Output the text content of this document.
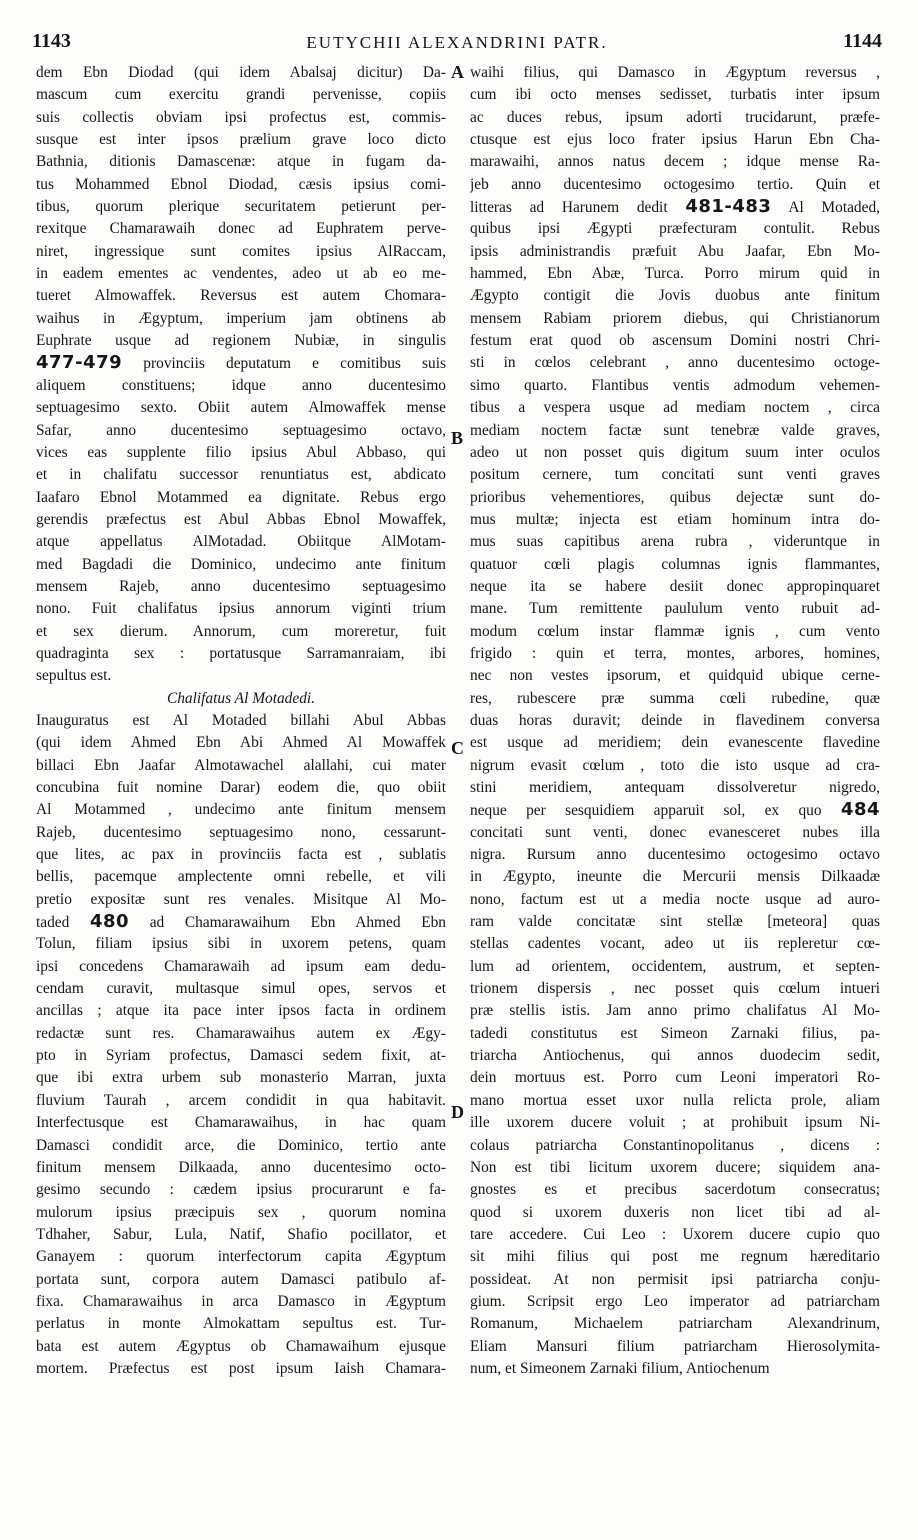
1143	EUTYCHII ALEXANDRINI PATR.	1144
dem Ebn Diodad (qui idem Abalsaj dicitur) Da-
mascum cum exercitu grandi pervenisse, copiis
suis collectis obviam ipsi profectus est, commis-
susque est inter ipsos prælium grave loco dicto
Bathnia, ditionis Damascenæ: atque in fugam da-
tus Mohammed Ebnol Diodad, cæsis ipsius comi-
tibus, quorum plerique securitatem petierunt per-
rexitque Chamarawaih donec ad Euphratem perve-
niret, ingressique sunt comites ipsius AlRaccam,
in eadem ementes ac vendentes, adeo ut ab eo me-
tueret Almowaffek. Reversus est autem Chomara-
waihus in Ægyptum, imperium jam obtinens ab
Euphrate usque ad regionem Nubiæ, in singulis
477-479 provinciis deputatum e comitibus suis
aliquem constituens; idque anno ducentesimo
septuagesimo sexto. Obiit autem Almowaffek mense
Safar, anno ducentesimo septuagesimo octavo,
vices eas supplente filio ipsius Abul Abbaso, qui
et in chalifatu successor renuntiatus est, abdicato
Iaafaro Ebnol Motammed ea dignitate. Rebus ergo
gerendis præfectus est Abul Abbas Ebnol Mowaffek,
atque appellatus AlMotadad. Obiitque AlMotam-
med Bagdadi die Dominico, undecimo ante finitum
mensem Rajeb, anno ducentesimo septuagesimo
nono. Fuit chalifatus ipsius annorum viginti trium
et sex dierum. Annorum, cum moreretur, fuit
quadraginta sex : portatusque Sarramanraiam, ibi
sepultus est.
Chalifatus Al Motadedi.
Inauguratus est Al Motaded billahi Abul Abbas
(qui idem Ahmed Ebn Abi Ahmed Al Mowaffek
billaci Ebn Jaafar Almotawachel alallahi, cui mater
concubina fuit nomine Darar) eodem die, quo obiit
Al Motammed , undecimo ante finitum mensem
Rajeb, ducentesimo septuagesimo nono, cessarunt-
que lites, ac pax in provinciis facta est , sublatis
bellis, pacemque amplectente omni rebelle, et vili
pretio expositæ sunt res venales. Misitque Al Mo-
taded 480 ad Chamarawaihum Ebn Ahmed Ebn
Tolun, filiam ipsius sibi in uxorem petens, quam
ipsi concedens Chamarawaih ad ipsum eam dedu-
cendam curavit, multasque simul opes, servos et
ancillas ; atque ita pace inter ipsos facta in ordinem
redactæ sunt res. Chamarawaihus autem ex Ægy-
pto in Syriam profectus, Damasci sedem fixit, at-
que ibi extra urbem sub monasterio Marran, juxta
fluvium Taurah , arcem condidit in qua habitavit.
Interfectusque est Chamarawaihus, in hac quam
Damasci condidit arce, die Dominico, tertio ante
finitum mensem Dilkaada, anno ducentesimo octo-
gesimo secundo : cædem ipsius procurarunt e fa-
mulorum ipsius præcipuis sex , quorum nomina
Tdhaher, Sabur, Lula, Natif, Shafio pocillator, et
Ganayem : quorum interfectorum capita Ægyptum
portata sunt, corpora autem Damasci patibulo af-
fixa. Chamarawaihus in arca Damasco in Ægyptum
perlatus in monte Almokattam sepultus est. Tur-
bata est autem Ægyptus ob Chamawaihum ejusque
mortem. Præfectus est post ipsum Iaish Chamara-
waihi filius, qui Damasco in Ægyptum reversus ,
cum ibi octo menses sedisset, turbatis inter ipsum
ac duces rebus, ipsum adorti trucidarunt, præfe-
ctusque est ejus loco frater ipsius Harun Ebn Cha-
marawaihi, annos natus decem ; idque mense Ra-
jeb anno ducentesimo octogesimo tertio. Quin et
litteras ad Harunem dedit 481-483 Al Motaded,
quibus ipsi Ægypti præfecturam contulit. Rebus
ipsis administrandis præfuit Abu Jaafar, Ebn Mo-
hammed, Ebn Abæ, Turca. Porro mirum quid in
Ægypto contigit die Jovis duobus ante finitum
mensem Rabiam priorem diebus, qui Christianorum
festum erat quod ob ascensum Domini nostri Chri-
sti in cœlos celebrant , anno ducentesimo octoge-
simo quarto. Flantibus ventis admodum vehemen-
tibus a vespera usque ad mediam noctem , circa
mediam noctem factæ sunt tenebræ valde graves,
adeo ut non posset quis digitum suum inter oculos
positum cernere, tum concitati sunt venti graves
prioribus vehementiores, quibus dejectæ sunt do-
mus multæ; injecta est etiam hominum intra do-
mus suas capitibus arena rubra , videruntque in
quatuor cœli plagis columnas ignis flammantes,
neque ita se habere desiit donec appropinquaret
mane. Tum remittente paululum vento rubuit ad-
modum cœlum instar flammæ ignis , cum vento
frigido : quin et terra, montes, arbores, homines,
nec non vestes ipsorum, et quidquid ubique cerne-
res, rubescere præ summa cœli rubedine, quæ
duas horas duravit; deinde in flavedinem conversa
est usque ad meridiem; dein evanescente flavedine
nigrum evasit cœlum , toto die isto usque ad cra-
stini meridiem, antequam dissolveretur nigredo,
neque per sesquidiem apparuit sol, ex quo 484
concitati sunt venti, donec evanesceret nubes illa
nigra. Rursum anno ducentesimo octogesimo octavo
in Ægypto, ineunte die Mercurii mensis Dilkaadæ
nono, factum est ut a media nocte usque ad auro-
ram valde concitatæ sint stellæ [meteora] quas
stellas cadentes vocant, adeo ut iis repleretur cœ-
lum ad orientem, occidentem, austrum, et septen-
trionem dispersis , nec posset quis cœlum intueri
præ stellis istis. Jam anno primo chalifatus Al Mo-
tadedi constitutus est Simeon Zarnaki filius, pa-
triarcha Antiochenus, qui annos duodecim sedit,
dein mortuus est. Porro cum Leoni imperatori Ro-
mano mortua esset uxor nulla relicta prole, aliam
ille uxorem ducere voluit ; at prohibuit ipsum Ni-
colaus patriarcha Constantinopolitanus , dicens :
Non est tibi licitum uxorem ducere; siquidem ana-
gnostes es et precibus sacerdotum consecratus;
quod si uxorem duxeris non licet tibi ad al-
tare accedere. Cui Leo : Uxorem ducere cupio quo
sit mihi filius qui post me regnum hæreditario
possideat. At non permisit ipsi patriarcha conju-
gium. Scripsit ergo Leo imperator ad patriarcham
Romanum, Michaelem patriarcham Alexandrinum,
Eliam Mansuri filium patriarcham Hierosolymita-
num, et Simeonem Zarnaki filium, Antiochenum
A
B
C
D
